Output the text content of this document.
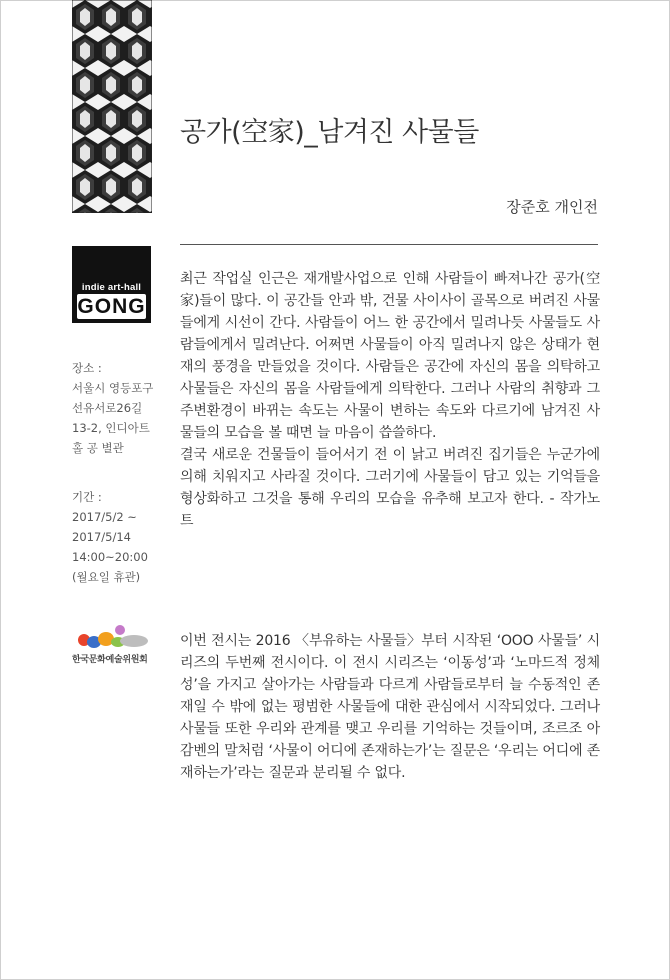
공가(空家)_남겨진 사물들
장준호 개인전
indie art-hall
GONG
장소 :
서울시 영등포구
선유서로26길
13-2, 인디아트
홀 공 별관
기간 :
2017/5/2 ~
2017/5/14
14:00~20:00
(월요일 휴관)
한국문화예술위원회

최근 작업실 인근은 재개발사업으로 인해 사람들이 빠져나간 공가(空家)들이 많다. 이 공간들 안과 밖, 건물 사이사이 골목으로 버려진 사물들에게 시선이 간다. 사람들이 어느 한 공간에서 밀려나듯 사물들도 사람들에게서 밀려난다. 어쩌면 사물들이 아직 밀려나지 않은 상태가 현재의 풍경을 만들었을 것이다. 사람들은 공간에 자신의 몸을 의탁하고 사물들은 자신의 몸을 사람들에게 의탁한다. 그러나 사람의 취향과 그 주변환경이 바뀌는 속도는 사물이 변하는 속도와 다르기에 남겨진 사물들의 모습을 볼 때면 늘 마음이 씁쓸하다.

결국 새로운 건물들이 들어서기 전 이 낡고 버려진 집기들은 누군가에 의해 치워지고 사라질 것이다. 그러기에 사물들이 담고 있는 기억들을 형상화하고 그것을 통해 우리의 모습을 유추해 보고자 한다. - 작가노트

이번 전시는 2016 〈부유하는 사물들〉부터 시작된 ‘OOO 사물들’ 시리즈의 두번째 전시이다. 이 전시 시리즈는 ‘이동성’과 ‘노마드적 정체성’을 가지고 살아가는 사람들과 다르게 사람들로부터 늘 수동적인 존재일 수 밖에 없는 평범한 사물들에 대한 관심에서 시작되었다. 그러나 사물들 또한 우리와 관계를 맺고 우리를 기억하는 것들이며, 조르조 아감벤의 말처럼 ‘사물이 어디에 존재하는가’는 질문은 ‘우리는 어디에 존재하는가’라는 질문과 분리될 수 없다.
